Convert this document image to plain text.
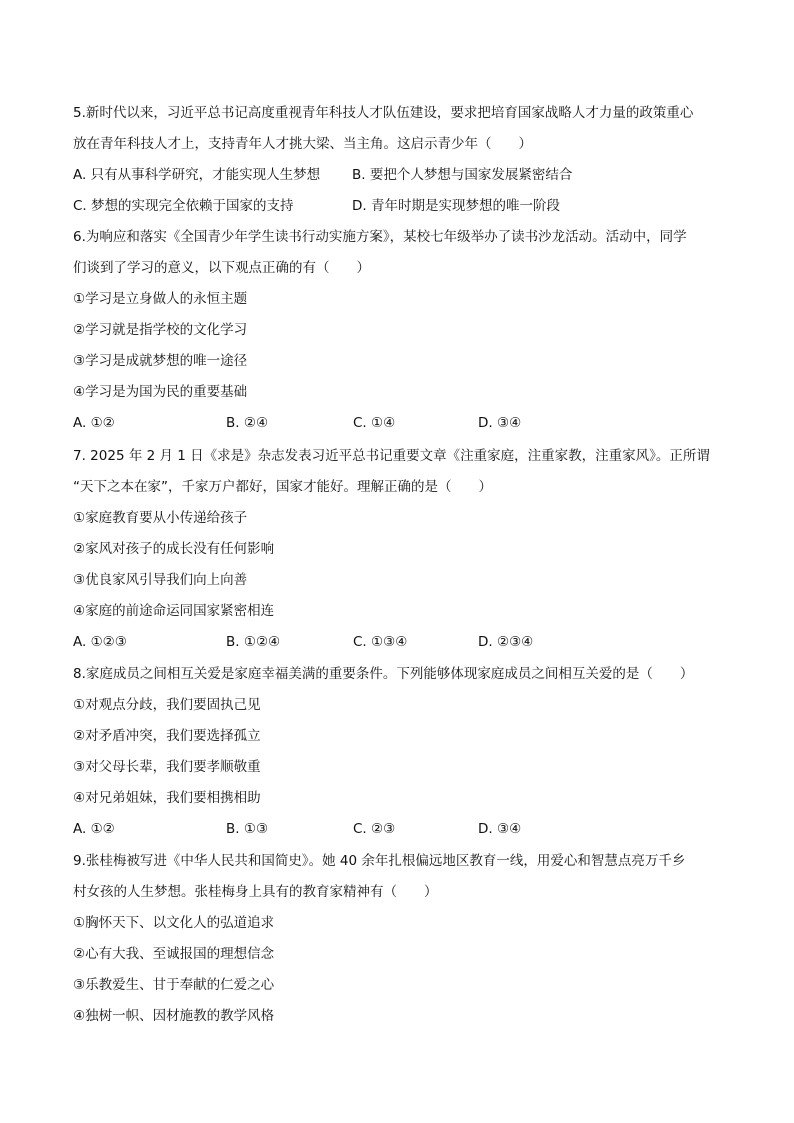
5.新时代以来，习近平总书记高度重视青年科技人才队伍建设，要求把培育国家战略人才力量的政策重心
放在青年科技人才上，支持青年人才挑大梁、当主角。这启示青少年（　　）
A. 只有从事科学研究，才能实现人生梦想 B. 要把个人梦想与国家发展紧密结合
C. 梦想的实现完全依赖于国家的支持	D. 青年时期是实现梦想的唯一阶段
6.为响应和落实《全国青少年学生读书行动实施方案》，某校七年级举办了读书沙龙活动。活动中，同学
们谈到了学习的意义，以下观点正确的有（　　）
①学习是立身做人的永恒主题
②学习就是指学校的文化学习
③学习是成就梦想的唯一途径
④学习是为国为民的重要基础
A. ①②	B. ②④	C. ①④	D. ③④
7. 2025 年 2 月 1 日《求是》杂志发表习近平总书记重要文章《注重家庭，注重家教，注重家风》。正所谓
“天下之本在家”，千家万户都好，国家才能好。理解正确的是（　　）
①家庭教育要从小传递给孩子
②家风对孩子的成长没有任何影响
③优良家风引导我们向上向善
④家庭的前途命运同国家紧密相连
A. ①②③	B. ①②④	C. ①③④	D. ②③④
8.家庭成员之间相互关爱是家庭幸福美满的重要条件。下列能够体现家庭成员之间相互关爱的是（　　）
①对观点分歧，我们要固执己见
②对矛盾冲突，我们要选择孤立
③对父母长辈，我们要孝顺敬重
④对兄弟姐妹，我们要相携相助
A. ①②	B. ①③	C. ②③	D. ③④
9.张桂梅被写进《中华人民共和国简史》。她 40 余年扎根偏远地区教育一线，用爱心和智慧点亮万千乡
村女孩的人生梦想。张桂梅身上具有的教育家精神有（　　）
①胸怀天下、以文化人的弘道追求
②心有大我、至诚报国的理想信念
③乐教爱生、甘于奉献的仁爱之心
④独树一帜、因材施教的教学风格
